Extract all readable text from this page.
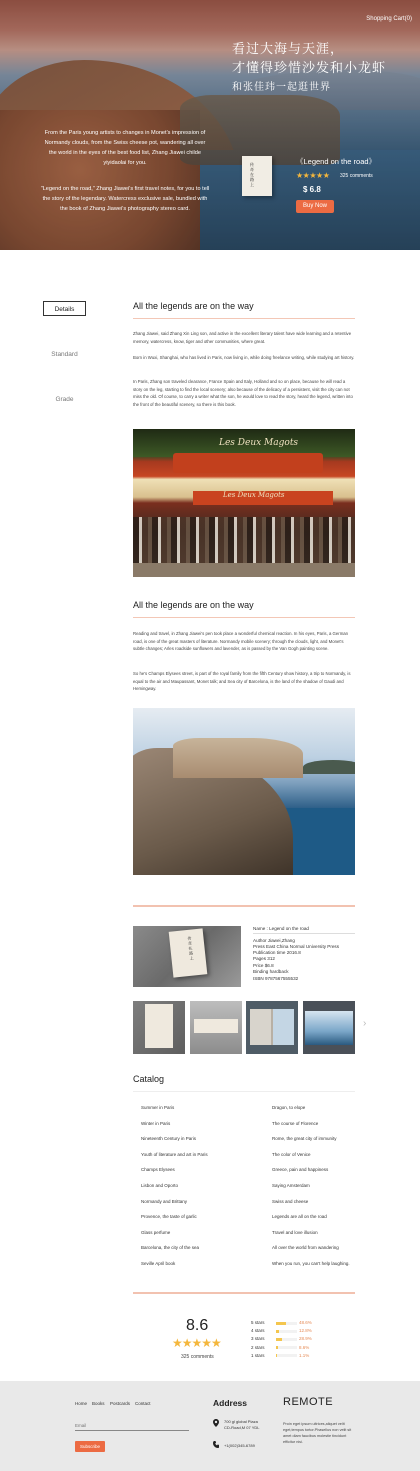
Shopping Cart(0)
看过大海与天涯，
才懂得珍惜沙发和小龙虾
和张佳玮一起逛世界

From the Paris young artists to changes in Monet's impression of Normandy clouds, from the Swiss cheese pot, wandering all over the world in the eyes of the best food list, Zhang Jiawei childe yiyidaolai for you.

"Legend on the road," Zhang Jiawei's first travel notes, for you to tell the story of the legendary. Watercress exclusive sale, bundled with the book of Zhang Jiawei's photography stereo card.

传奇在路上
《Legend on the road》
★★★★★ 325 comments
$ 6.8
Buy Now
Details
Standard
Grade
All the legends are on the way

Zhang Jiawei, said Zhang Xin Ling son, and active in the excellent literary talent have wide learning and a retentive memory, watercress, know, tiger and other communities, where great.

Born in Wuxi, Shanghai, who has lived in Paris, now living in, while doing freelance writing, while studying art history.

In Paris, Zhang son traveled clearance, France Spain and Italy, Holland and so on place, because he will read a story on the leg, starting to find the local scenery; also because of the delicacy of a persistent, visit the city can not miss the old. Of course, to carry a writer what the son, he would love to read the story, heard the legend, written into the front of the beautiful scenery, so there is this book.

Les Deux Magots
Les Deux Magots
All the legends are on the way

Reading and travel, in Zhang Jiawei's pen took place a wonderful chemical reaction. In his eyes, Paris, a German road, is one of the great masters of literature. Normandy mobile scenery; through the clouds, light, and Monet's subtle changes; Arles roadside sunflowers and lavender, as is passed by the Van Gogh painting scene.

So he's Champs Elysees street, is part of the royal family from the fifth Century show history, a trip to Normandy, is equal to the air and Maupassant, Monet talk; and Sea city of Barcelona, is the land of the shadow of Gaudi and Hemingway.

传奇在路上
Name : Legend on the road
Author Jiawei,Zhang
Press East China Normal University Press
Publication time 2016.8
Pages 312
Price $6.8
Binding hardback
ISBN 9787567555532
›
Catalog
Summer in Paris
Winter in Paris
Nineteenth Century in Paris
Youth of literature and art in Paris
Champs Elysees
Lisbon and Oporto
Normandy and Brittany
Provence, the taste of garlic
Glass perfume
Barcelona, the city of the sea
Seville April book
Dragon, to elope
The course of Florence
Rome, the great city of immunity
The color of Venice
Greece, pain and happiness
Saying Amsterdam
Swiss and cheese
Legends are all on the road
Travel and love illusion
All over the world from wandering
When you run, you can't help laughing.
8.6
★★★★★
325 comments
5 stars	48.6%
4 stars	12.8%
3 stars	28.9%
2 stars	8.6%
1 stars	1.1%
Home Books Postcards Contact
Email
Subscribe
Address
700 gl global Plaza
CD-Road,M 07 YDL
+1(002)345-6789
REMOTE

Proin eget ipsum ultrices,aliquet velit eget,tempus tortor.Phasellus non velit sit amet diam faucibus molestie tincidunt efficitur nisi.
